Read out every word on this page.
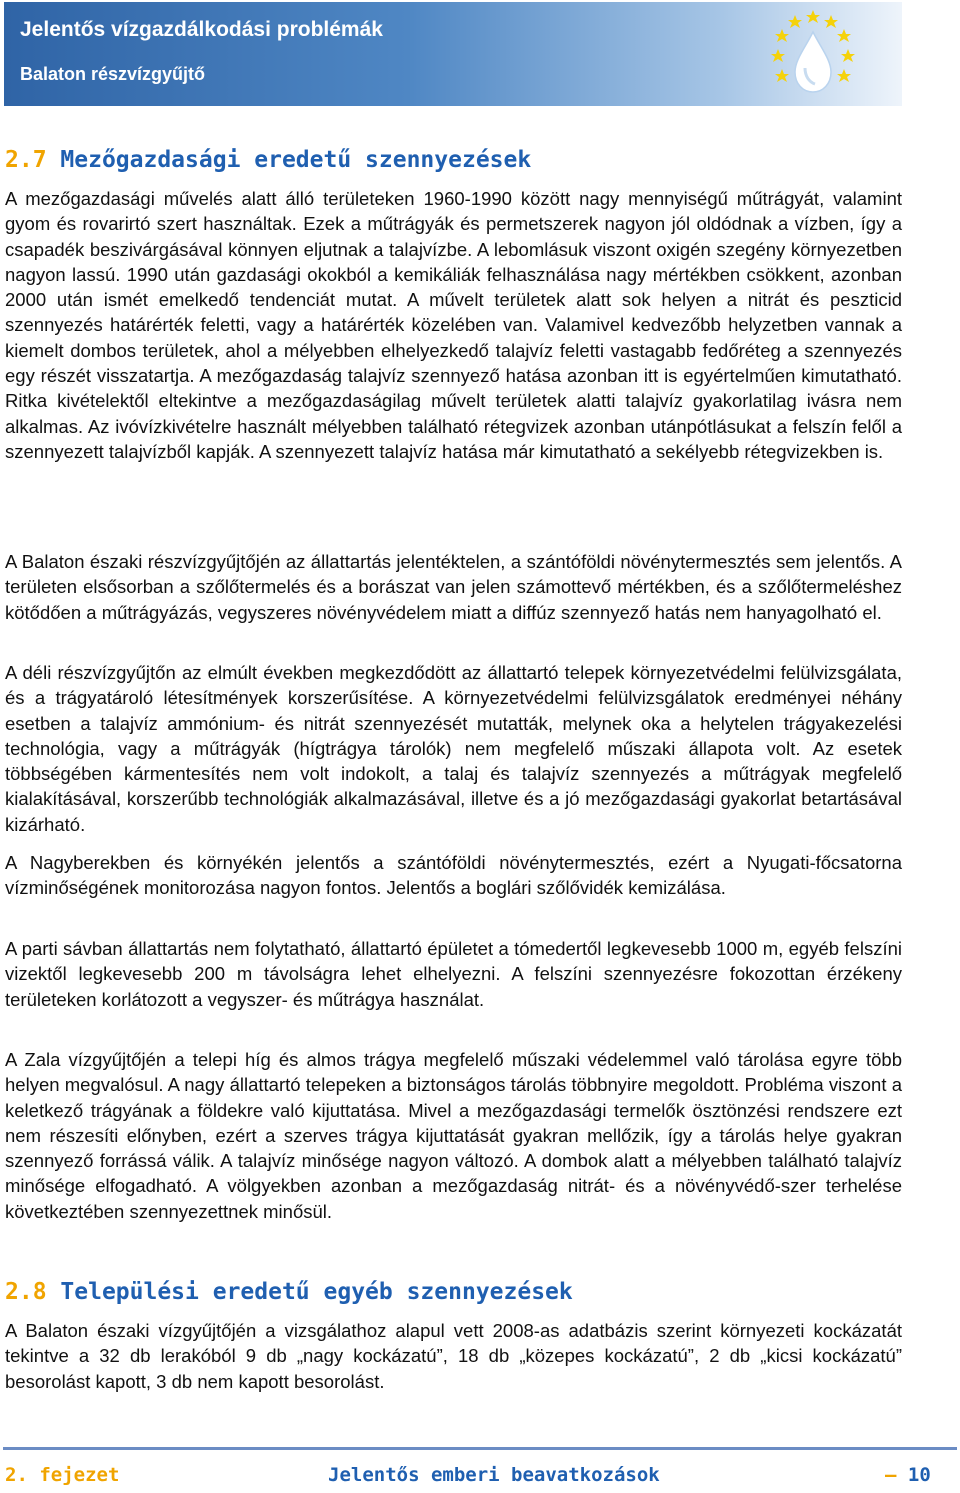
Jelentős vízgazdálkodási problémák
Balaton részvízgyűjtő
2.7 Mezőgazdasági eredetű szennyezések

A mezőgazdasági művelés alatt álló területeken 1960-1990 között nagy mennyiségű műtrágyát, valamint gyom és rovarirtó szert használtak. Ezek a műtrágyák és permetszerek nagyon jól oldódnak a vízben, így a csapadék beszivárgásával könnyen eljutnak a talajvízbe. A lebomlásuk viszont oxigén szegény környezetben nagyon lassú. 1990 után gazdasági okokból a kemikáliák felhasználása nagy mértékben csökkent, azonban 2000 után ismét emelkedő tendenciát mutat. A művelt területek alatt sok helyen a nitrát és peszticid szennyezés határérték feletti, vagy a határérték közelében van. Valamivel kedvezőbb helyzetben vannak a kiemelt dombos területek, ahol a mélyebben elhelyezkedő talajvíz feletti vastagabb fedőréteg a szennyezés egy részét visszatartja. A mezőgazdaság talajvíz szennyező hatása azonban itt is egyértelműen kimutatható. Ritka kivételektől eltekintve a mezőgazdaságilag művelt területek alatti talajvíz gyakorlatilag ivásra nem alkalmas. Az ivóvízkivételre használt mélyebben található rétegvizek azonban utánpótlásukat a felszín felől a szennyezett talajvízből kapják. A szennyezett talajvíz hatása már kimutatható a sekélyebb rétegvizekben is.

A Balaton északi részvízgyűjtőjén az állattartás jelentéktelen, a szántóföldi növénytermesztés sem jelentős. A területen elsősorban a szőlőtermelés és a borászat van jelen számottevő mértékben, és a szőlőtermeléshez kötődően a műtrágyázás, vegyszeres növényvédelem miatt a diffúz szennyező hatás nem hanyagolható el.

A déli részvízgyűjtőn az elmúlt években megkezdődött az állattartó telepek környezetvédelmi felülvizsgálata, és a trágyatároló létesítmények korszerűsítése. A környezetvédelmi felülvizsgálatok eredményei néhány esetben a talajvíz ammónium- és nitrát szennyezését mutatták, melynek oka a helytelen trágyakezelési technológia, vagy a műtrágyák (hígtrágya tárolók) nem megfelelő műszaki állapota volt. Az esetek többségében kármentesítés nem volt indokolt, a talaj és talajvíz szennyezés a műtrágyak megfelelő kialakításával, korszerűbb technológiák alkalmazásával, illetve és a jó mezőgazdasági gyakorlat betartásával kizárható.

A Nagyberekben és környékén jelentős a szántóföldi növénytermesztés, ezért a Nyugati-főcsatorna vízminőségének monitorozása nagyon fontos. Jelentős a boglári szőlővidék kemizálása.

A parti sávban állattartás nem folytatható, állattartó épületet a tómedertől legkevesebb 1000 m, egyéb felszíni vizektől legkevesebb 200 m távolságra lehet elhelyezni. A felszíni szennyezésre fokozottan érzékeny területeken korlátozott a vegyszer- és műtrágya használat.

A Zala vízgyűjtőjén a telepi híg és almos trágya megfelelő műszaki védelemmel való tárolása egyre több helyen megvalósul. A nagy állattartó telepeken a biztonságos tárolás többnyire megoldott. Probléma viszont a keletkező trágyának a földekre való kijuttatása. Mivel a mezőgazdasági termelők ösztönzési rendszere ezt nem részesíti előnyben, ezért a szerves trágya kijuttatását gyakran mellőzik, így a tárolás helye gyakran szennyező forrássá válik. A talajvíz minősége nagyon változó. A dombok alatt a mélyebben található talajvíz minősége elfogadható. A völgyekben azonban a mezőgazdaság nitrát- és a növényvédő-szer terhelése következtében szennyezettnek minősül.

2.8 Települési eredetű egyéb szennyezések

A Balaton északi vízgyűjtőjén a vizsgálathoz alapul vett 2008-as adatbázis szerint környezeti kockázatát tekintve a 32 db lerakóból 9 db „nagy kockázatú”, 18 db „közepes kockázatú”, 2 db „kicsi kockázatú” besorolást kapott, 3 db nem kapott besorolást.

2. fejezet	Jelentős emberi beavatkozások	— 10
